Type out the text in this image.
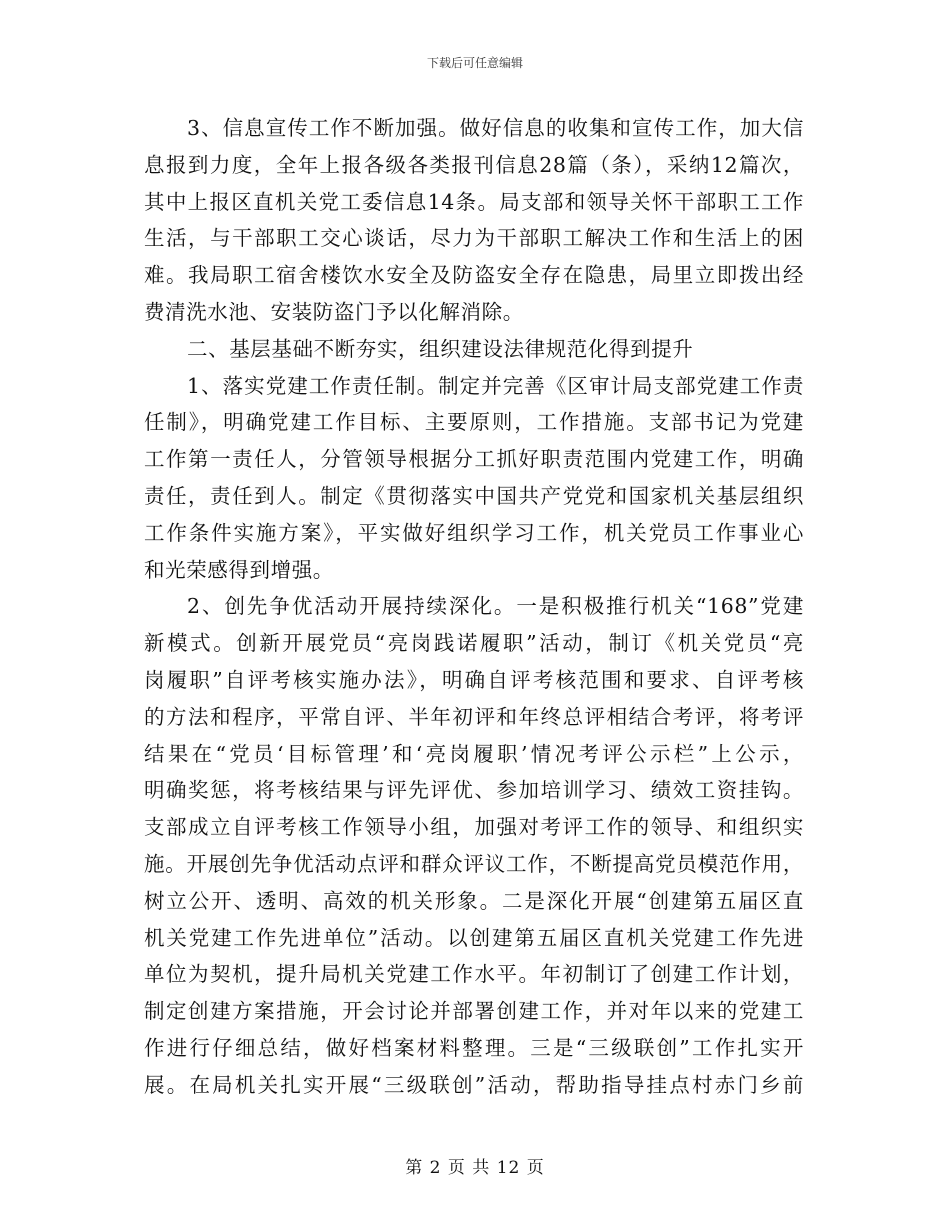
下载后可任意编辑
3、信息宣传工作不断加强。做好信息的收集和宣传工作，加大信
息报到力度，全年上报各级各类报刊信息28篇（条），采纳12篇次，
其中上报区直机关党工委信息14条。局支部和领导关怀干部职工工作
生活，与干部职工交心谈话，尽力为干部职工解决工作和生活上的困
难。我局职工宿舍楼饮水安全及防盗安全存在隐患，局里立即拨出经
费清洗水池、安装防盗门予以化解消除。
二、基层基础不断夯实，组织建设法律规范化得到提升
1、落实党建工作责任制。制定并完善《区审计局支部党建工作责
任制》，明确党建工作目标、主要原则，工作措施。支部书记为党建
工作第一责任人，分管领导根据分工抓好职责范围内党建工作，明确
责任，责任到人。制定《贯彻落实中国共产党党和国家机关基层组织
工作条件实施方案》，平实做好组织学习工作，机关党员工作事业心
和光荣感得到增强。
2、创先争优活动开展持续深化。一是积极推行机关“168”党建
新模式。创新开展党员“亮岗践诺履职”活动，制订《机关党员“亮
岗履职”自评考核实施办法》，明确自评考核范围和要求、自评考核
的方法和程序，平常自评、半年初评和年终总评相结合考评，将考评
结果在“党员‘目标管理’和‘亮岗履职’情况考评公示栏”上公示，
明确奖惩，将考核结果与评先评优、参加培训学习、绩效工资挂钩。
支部成立自评考核工作领导小组，加强对考评工作的领导、和组织实
施。开展创先争优活动点评和群众评议工作，不断提高党员模范作用，
树立公开、透明、高效的机关形象。二是深化开展“创建第五届区直
机关党建工作先进单位”活动。以创建第五届区直机关党建工作先进
单位为契机，提升局机关党建工作水平。年初制订了创建工作计划，
制定创建方案措施，开会讨论并部署创建工作，并对年以来的党建工
作进行仔细总结，做好档案材料整理。三是“三级联创”工作扎实开
展。在局机关扎实开展“三级联创”活动，帮助指导挂点村赤门乡前
第 2 页 共 12 页
